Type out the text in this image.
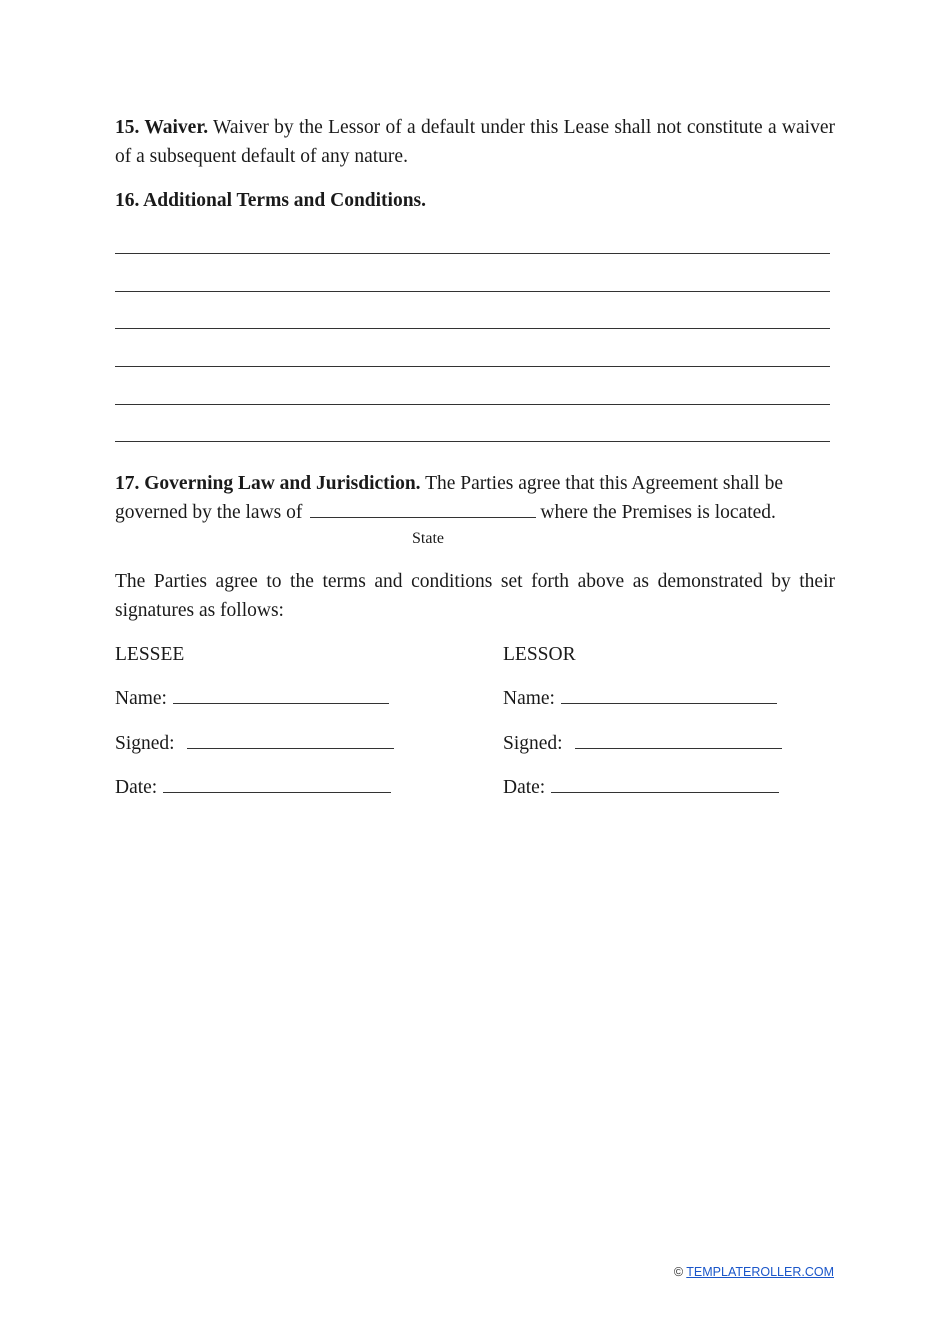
15. Waiver. Waiver by the Lessor of a default under this Lease shall not constitute a waiver of a subsequent default of any nature.
16. Additional Terms and Conditions.
17. Governing Law and Jurisdiction. The Parties agree that this Agreement shall be governed by the laws of	where the Premises is located.
State
The Parties agree to the terms and conditions set forth above as demonstrated by their signatures as follows:
LESSEE
Name:
Signed:
Date:
LESSOR
Name:
Signed:
Date:
© TEMPLATEROLLER.COM
